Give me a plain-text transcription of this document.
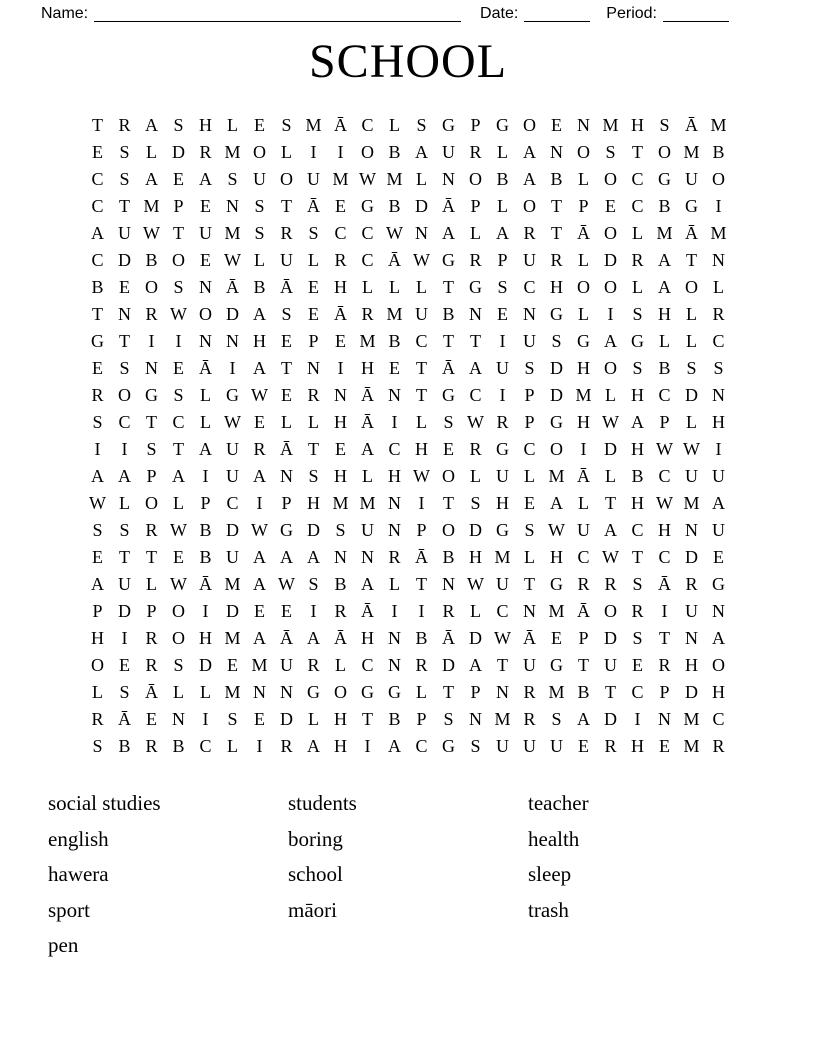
Name:	Date:	Period:
SCHOOL
T R A S H L E S M Ā C L S G P G O E N M H S Ā M
E S L D R M O L	I	I O B A U R L A N O S T O M B
C S A E A S U O U M W M L N O B A B L O C G U O
C T M P E N S T Ā E G B D Ā P L O T P E C B G I
A U W T U M S R S C C W N A L A R T Ā O L M Ā M
C D B O E W L U L R C Ā W G R P U R L D R A T N
B E O S N Ā B Ā E H L L L T G S C H O O L A O L
T N R W O D A S E Ā R M U B N E N G L	I	S H L R
G T	I	I N N H E P E M B C T T	I U S G A G L L C
E S N E Ā I A T N I H E T Ā A U S D H O S B S S
R O G S L G W E R N Ā N T G C	I	P D M L H C D N
S C T C L W E L L H Ā I	L S W R P G H W A P L H
I	I	S T A U R Ā T E A C H E R G C O I D H W W I
A A P A I U A N S H L H W O L U L M Ā L B C U U
W L O L P C	I	P H M M N I	T S H E A L T H W M A
S S R W B D W G D S U N P O D G S W U A C H N U
E T T E B U A A A N N R Ā B H M L H C W T C D E
A U L W Ā M A W S B A L T N W U T G R R S Ā R G
P D P O I D E E	I R Ā I	I R L C N M Ā O R	I U N
H I R O H M A Ā A Ā H N B Ā D W Ā E P D S T N A
O E R S D E M U R L C N R D A T U G T U E R H O
L S Ā L L M N N G O G G L T P N R M B T C P D H
R Ā E N I	S E D L H T B P S N M R S A D I N M C
S B R B C L	I R A H I A C G S U U U E R H E M R
social studies
english
hawera
sport
pen
students
boring
school
māori
teacher
health
sleep
trash
